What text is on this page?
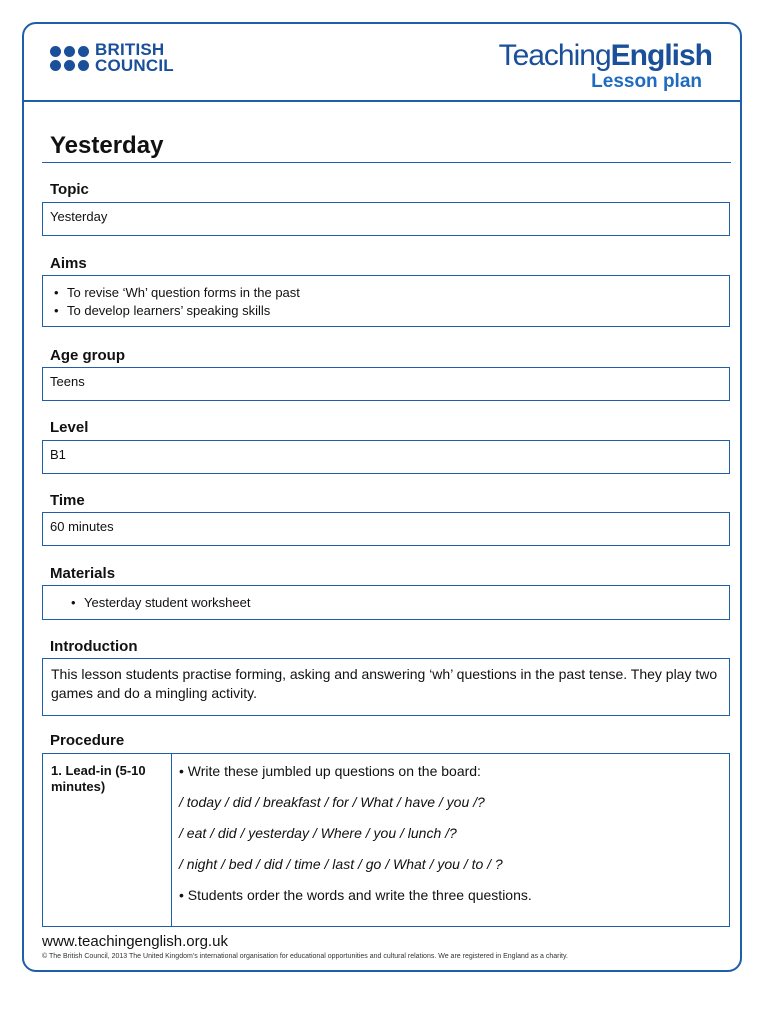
BRITISH
COUNCIL	TeachingEnglish
Lesson plan
Yesterday
Topic
Yesterday
Aims
• To revise ‘Wh’ question forms in the past
• To develop learners’ speaking skills
Age group
Teens
Level
B1
Time
60 minutes
Materials
• Yesterday student worksheet
Introduction
This lesson students practise forming, asking and answering ‘wh’ questions in the past tense. They play two games and do a mingling activity.
Procedure
1. Lead-in (5-10 minutes)

• Write these jumbled up questions on the board:

/ today / did / breakfast / for / What / have / you /?

/ eat / did / yesterday / Where / you / lunch /?

/ night / bed / did / time / last / go / What / you / to / ?

• Students order the words and write the three questions.

www.teachingenglish.org.uk
© The British Council, 2013 The United Kingdom’s international organisation for educational opportunities and cultural relations. We are registered in England as a charity.
